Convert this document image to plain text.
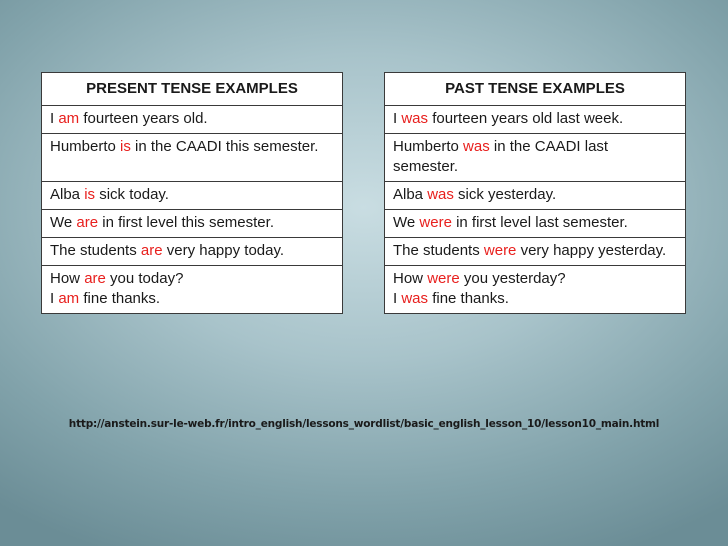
PRESENT TENSE EXAMPLES
I am fourteen years old.
Humberto is in the CAADI this semester.
Alba is sick today.
We are in first level this semester.
The students are very happy today.
How are you today?
I am fine thanks.
PAST TENSE EXAMPLES
I was fourteen years old last week.
Humberto was in the CAADI last semester.
Alba was sick yesterday.
We were in first level last semester.
The students were very happy yesterday.
How were you yesterday?
I was fine thanks.
http://anstein.sur-le-web.fr/intro_english/lessons_wordlist/basic_english_lesson_10/lesson10_main.html
